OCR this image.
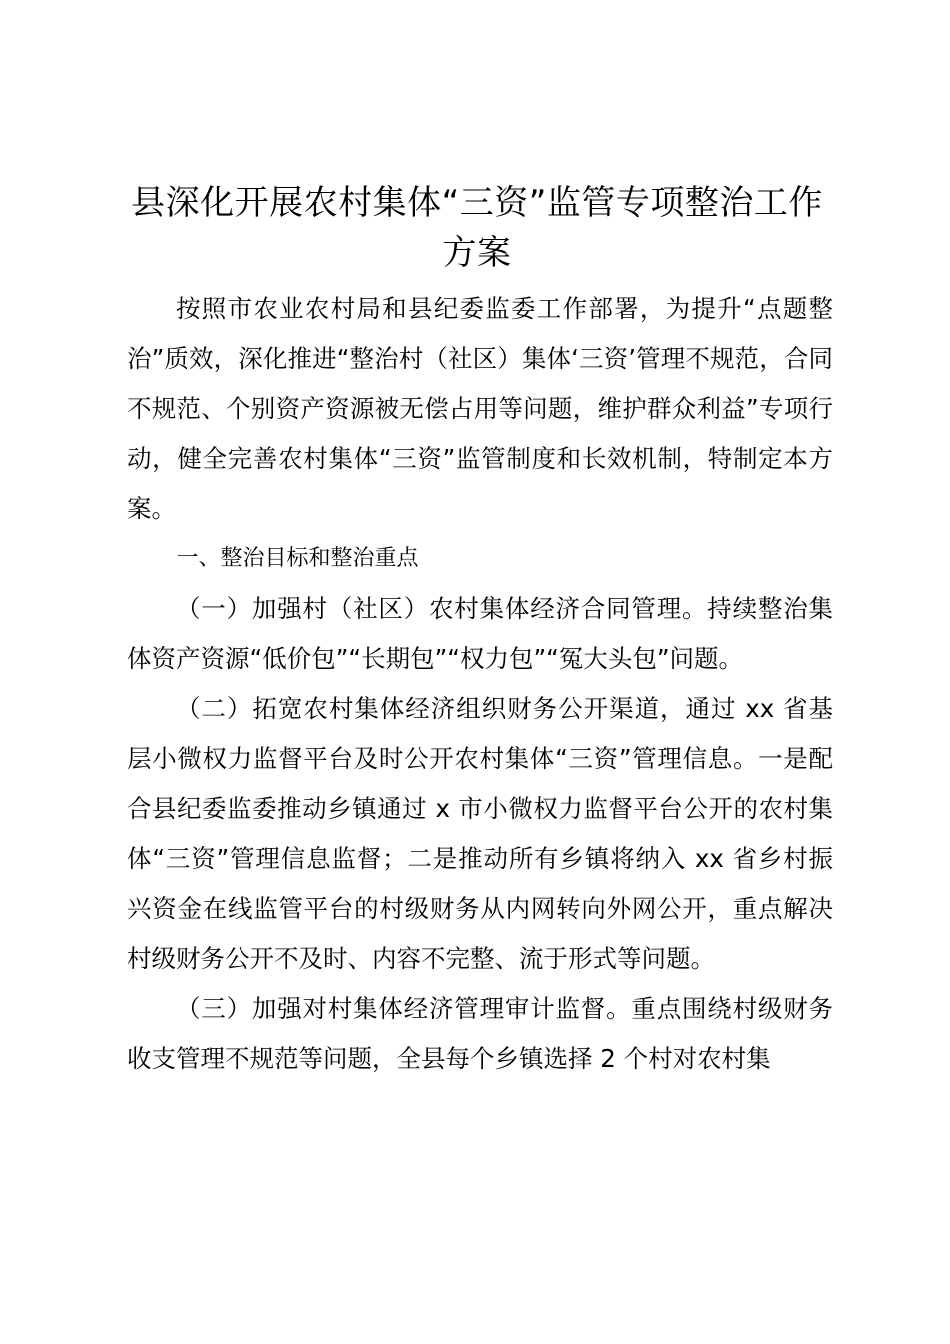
县深化开展农村集体“三资”监管专项整治工作方案

按照市农业农村局和县纪委监委工作部署，为提升“点题整治”质效，深化推进“整治村（社区）集体‘三资’管理不规范，合同不规范、个别资产资源被无偿占用等问题，维护群众利益”专项行动，健全完善农村集体“三资”监管制度和长效机制，特制定本方案。

一、整治目标和整治重点

（一）加强村（社区）农村集体经济合同管理。持续整治集体资产资源“低价包”“长期包”“权力包”“冤大头包”问题。

（二）拓宽农村集体经济组织财务公开渠道，通过 xx 省基层小微权力监督平台及时公开农村集体“三资”管理信息。一是配合县纪委监委推动乡镇通过 x 市小微权力监督平台公开的农村集体“三资”管理信息监督；二是推动所有乡镇将纳入 xx 省乡村振兴资金在线监管平台的村级财务从内网转向外网公开，重点解决村级财务公开不及时、内容不完整、流于形式等问题。

（三）加强对村集体经济管理审计监督。重点围绕村级财务收支管理不规范等问题，全县每个乡镇选择 2 个村对农村集
